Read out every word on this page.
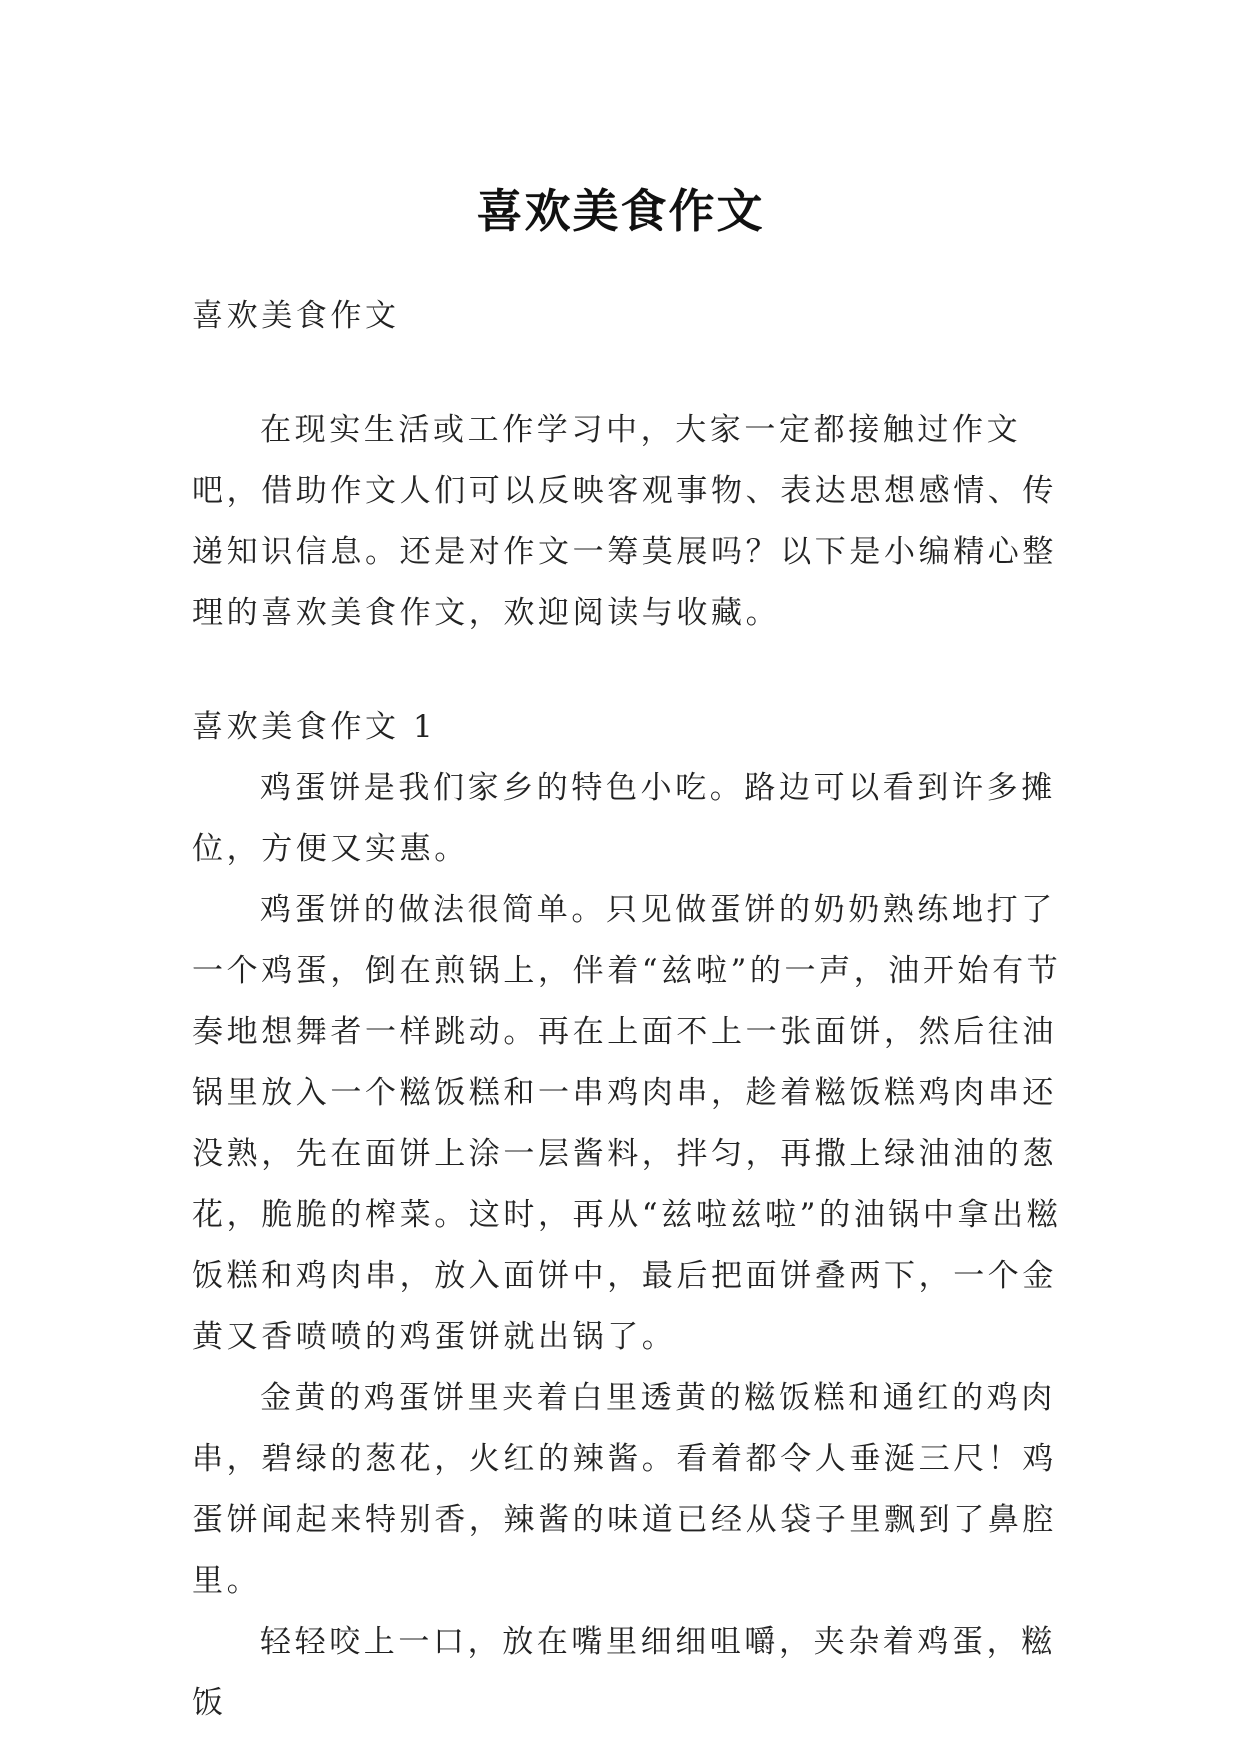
喜欢美食作文

喜欢美食作文

在现实生活或工作学习中，大家一定都接触过作文吧，借助作文人们可以反映客观事物、表达思想感情、传递知识信息。还是对作文一筹莫展吗？以下是小编精心整理的喜欢美食作文，欢迎阅读与收藏。

喜欢美食作文 1

鸡蛋饼是我们家乡的特色小吃。路边可以看到许多摊位，方便又实惠。

鸡蛋饼的做法很简单。只见做蛋饼的奶奶熟练地打了一个鸡蛋，倒在煎锅上，伴着“兹啦”的一声，油开始有节奏地想舞者一样跳动。再在上面不上一张面饼，然后往油锅里放入一个糍饭糕和一串鸡肉串，趁着糍饭糕鸡肉串还没熟，先在面饼上涂一层酱料，拌匀，再撒上绿油油的葱花，脆脆的榨菜。这时，再从“兹啦兹啦”的油锅中拿出糍饭糕和鸡肉串，放入面饼中，最后把面饼叠两下，一个金黄又香喷喷的鸡蛋饼就出锅了。

金黄的鸡蛋饼里夹着白里透黄的糍饭糕和通红的鸡肉串，碧绿的葱花，火红的辣酱。看着都令人垂涎三尺！鸡蛋饼闻起来特别香，辣酱的味道已经从袋子里飘到了鼻腔里。

轻轻咬上一口，放在嘴里细细咀嚼，夹杂着鸡蛋，糍饭
